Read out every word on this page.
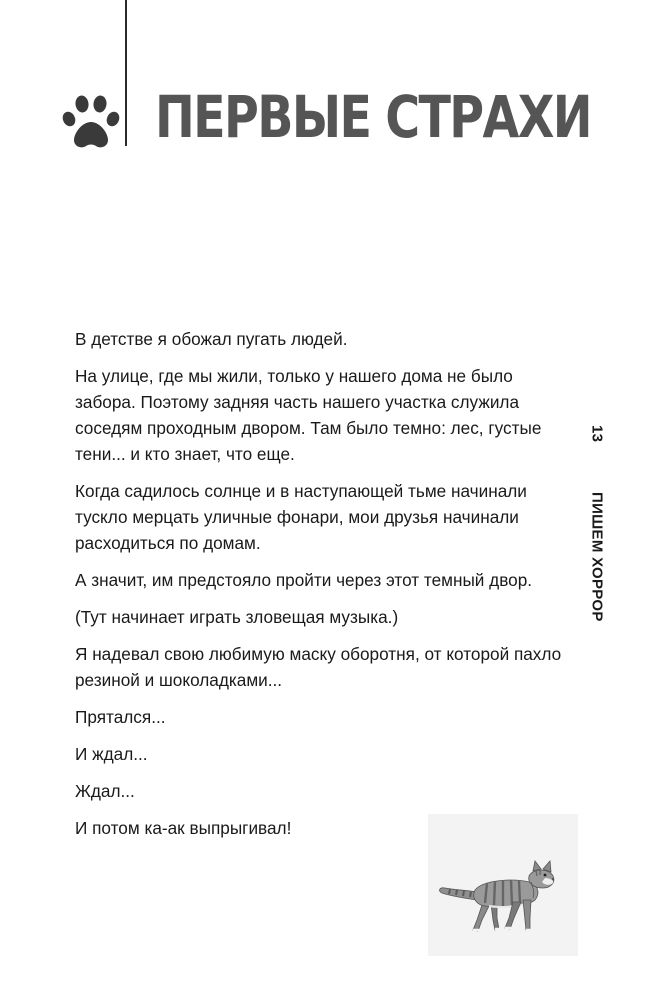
ПЕРВЫЕ СТРАХИ

В детстве я обожал пугать людей.

На улице, где мы жили, только у нашего дома не было забора. Поэтому задняя часть нашего участка служила соседям проходным двором. Там было темно: лес, густые тени... и кто знает, что еще.

Когда садилось солнце и в наступающей тьме начинали тускло мерцать уличные фонари, мои друзья начинали расходиться по домам.

А значит, им предстояло пройти через этот темный двор.

(Тут начинает играть зловещая музыка.)

Я надевал свою любимую маску оборотня, от которой пахло резиной и шоколадками...

Прятался...

И ждал...

Ждал...

И потом ка-ак выпрыгивал!

13
ПИШЕМ ХОРРОР
